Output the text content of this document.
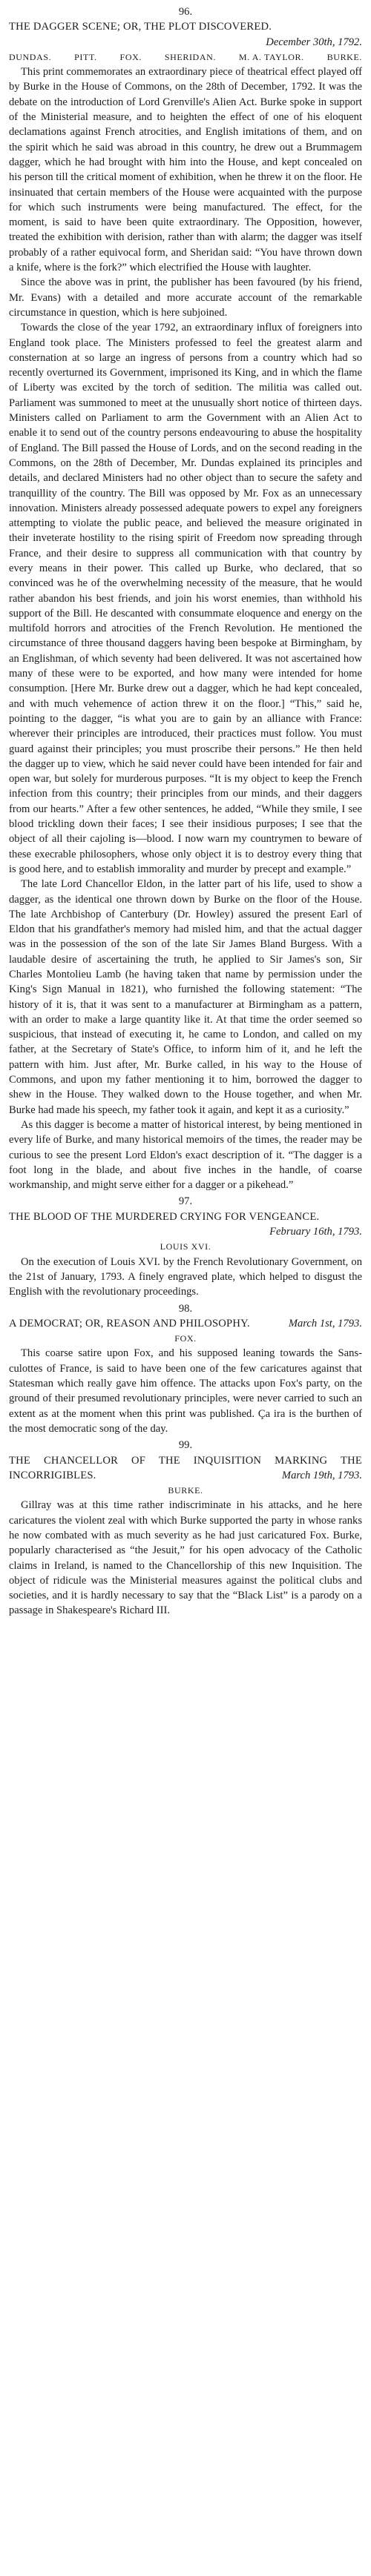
96.

THE DAGGER SCENE; OR, THE PLOT DISCOVERED.
December 30th, 1792.

DUNDAS.	PITT.	FOX.	SHERIDAN.	M. A. TAYLOR.	BURKE.

This print commemorates an extraordinary piece of theatrical effect played off by Burke in the House of Commons, on the 28th of December, 1792. It was the debate on the introduction of Lord Grenville's Alien Act. Burke spoke in support of the Ministerial measure, and to heighten the effect of one of his eloquent declamations against French atrocities, and English imitations of them, and on the spirit which he said was abroad in this country, he drew out a Brummagem dagger, which he had brought with him into the House, and kept concealed on his person till the critical moment of exhibition, when he threw it on the floor. He insinuated that certain members of the House were acquainted with the purpose for which such instruments were being manufactured. The effect, for the moment, is said to have been quite extraordinary. The Opposition, however, treated the exhibition with derision, rather than with alarm; the dagger was itself probably of a rather equivocal form, and Sheridan said: “You have thrown down a knife, where is the fork?” which electrified the House with laughter.

Since the above was in print, the publisher has been favoured (by his friend, Mr. Evans) with a detailed and more accurate account of the remarkable circumstance in question, which is here subjoined.

Towards the close of the year 1792, an extraordinary influx of foreigners into England took place. The Ministers professed to feel the greatest alarm and consternation at so large an ingress of persons from a country which had so recently overturned its Government, imprisoned its King, and in which the flame of Liberty was excited by the torch of sedition. The militia was called out. Parliament was summoned to meet at the unusually short notice of thirteen days. Ministers called on Parliament to arm the Government with an Alien Act to enable it to send out of the country persons endeavouring to abuse the hospitality of England. The Bill passed the House of Lords, and on the second reading in the Commons, on the 28th of December, Mr. Dundas explained its principles and details, and declared Ministers had no other object than to secure the safety and tranquillity of the country. The Bill was opposed by Mr. Fox as an unnecessary innovation. Ministers already possessed adequate powers to expel any foreigners attempting to violate the public peace, and believed the measure originated in their inveterate hostility to the rising spirit of Freedom now spreading through France, and their desire to suppress all communication with that country by every means in their power. This called up Burke, who declared, that so convinced was he of the overwhelming necessity of the measure, that he would rather abandon his best friends, and join his worst enemies, than withhold his support of the Bill. He descanted with consummate eloquence and energy on the multifold horrors and atrocities of the French Revolution. He mentioned the circumstance of three thousand daggers having been bespoke at Birmingham, by an Englishman, of which seventy had been delivered. It was not ascertained how many of these were to be exported, and how many were intended for home consumption. [Here Mr. Burke drew out a dagger, which he had kept concealed, and with much vehemence of action threw it on the floor.] “This,” said he, pointing to the dagger, “is what you are to gain by an alliance with France: wherever their principles are introduced, their practices must follow. You must guard against their principles; you must proscribe their persons.” He then held the dagger up to view, which he said never could have been intended for fair and open war, but solely for murderous purposes. “It is my object to keep the French infection from this country; their principles from our minds, and their daggers from our hearts.” After a few other sentences, he added, “While they smile, I see blood trickling down their faces; I see their insidious purposes; I see that the object of all their cajoling is—blood. I now warn my countrymen to beware of these execrable philosophers, whose only object it is to destroy every thing that is good here, and to establish immorality and murder by precept and example.”

The late Lord Chancellor Eldon, in the latter part of his life, used to show a dagger, as the identical one thrown down by Burke on the floor of the House. The late Archbishop of Canterbury (Dr. Howley) assured the present Earl of Eldon that his grandfather's memory had misled him, and that the actual dagger was in the possession of the son of the late Sir James Bland Burgess. With a laudable desire of ascertaining the truth, he applied to Sir James's son, Sir Charles Montolieu Lamb (he having taken that name by permission under the King's Sign Manual in 1821), who furnished the following statement: “The history of it is, that it was sent to a manufacturer at Birmingham as a pattern, with an order to make a large quantity like it. At that time the order seemed so suspicious, that instead of executing it, he came to London, and called on my father, at the Secretary of State's Office, to inform him of it, and he left the pattern with him. Just after, Mr. Burke called, in his way to the House of Commons, and upon my father mentioning it to him, borrowed the dagger to shew in the House. They walked down to the House together, and when Mr. Burke had made his speech, my father took it again, and kept it as a curiosity.”

As this dagger is become a matter of historical interest, by being mentioned in every life of Burke, and many historical memoirs of the times, the reader may be curious to see the present Lord Eldon's exact description of it. “The dagger is a foot long in the blade, and about five inches in the handle, of coarse workmanship, and might serve either for a dagger or a pikehead.”

97.

THE BLOOD OF THE MURDERED CRYING FOR VENGEANCE.
February 16th, 1793.

LOUIS XVI.

On the execution of Louis XVI. by the French Revolutionary Government, on the 21st of January, 1793. A finely engraved plate, which helped to disgust the English with the revolutionary proceedings.

98.

A DEMOCRAT; OR, REASON AND PHILOSOPHY.	March 1st, 1793.

FOX.

This coarse satire upon Fox, and his supposed leaning towards the Sans-culottes of France, is said to have been one of the few caricatures against that Statesman which really gave him offence. The attacks upon Fox's party, on the ground of their presumed revolutionary principles, were never carried to such an extent as at the moment when this print was published. Ça ira is the burthen of the most democratic song of the day.

99.

THE CHANCELLOR OF THE INQUISITION MARKING THE INCORRIGIBLES.	March 19th, 1793.

BURKE.

Gillray was at this time rather indiscriminate in his attacks, and he here caricatures the violent zeal with which Burke supported the party in whose ranks he now combated with as much severity as he had just caricatured Fox. Burke, popularly characterised as “the Jesuit,” for his open advocacy of the Catholic claims in Ireland, is named to the Chancellorship of this new Inquisition. The object of ridicule was the Ministerial measures against the political clubs and societies, and it is hardly necessary to say that the “Black List” is a parody on a passage in Shakespeare's Richard III.
